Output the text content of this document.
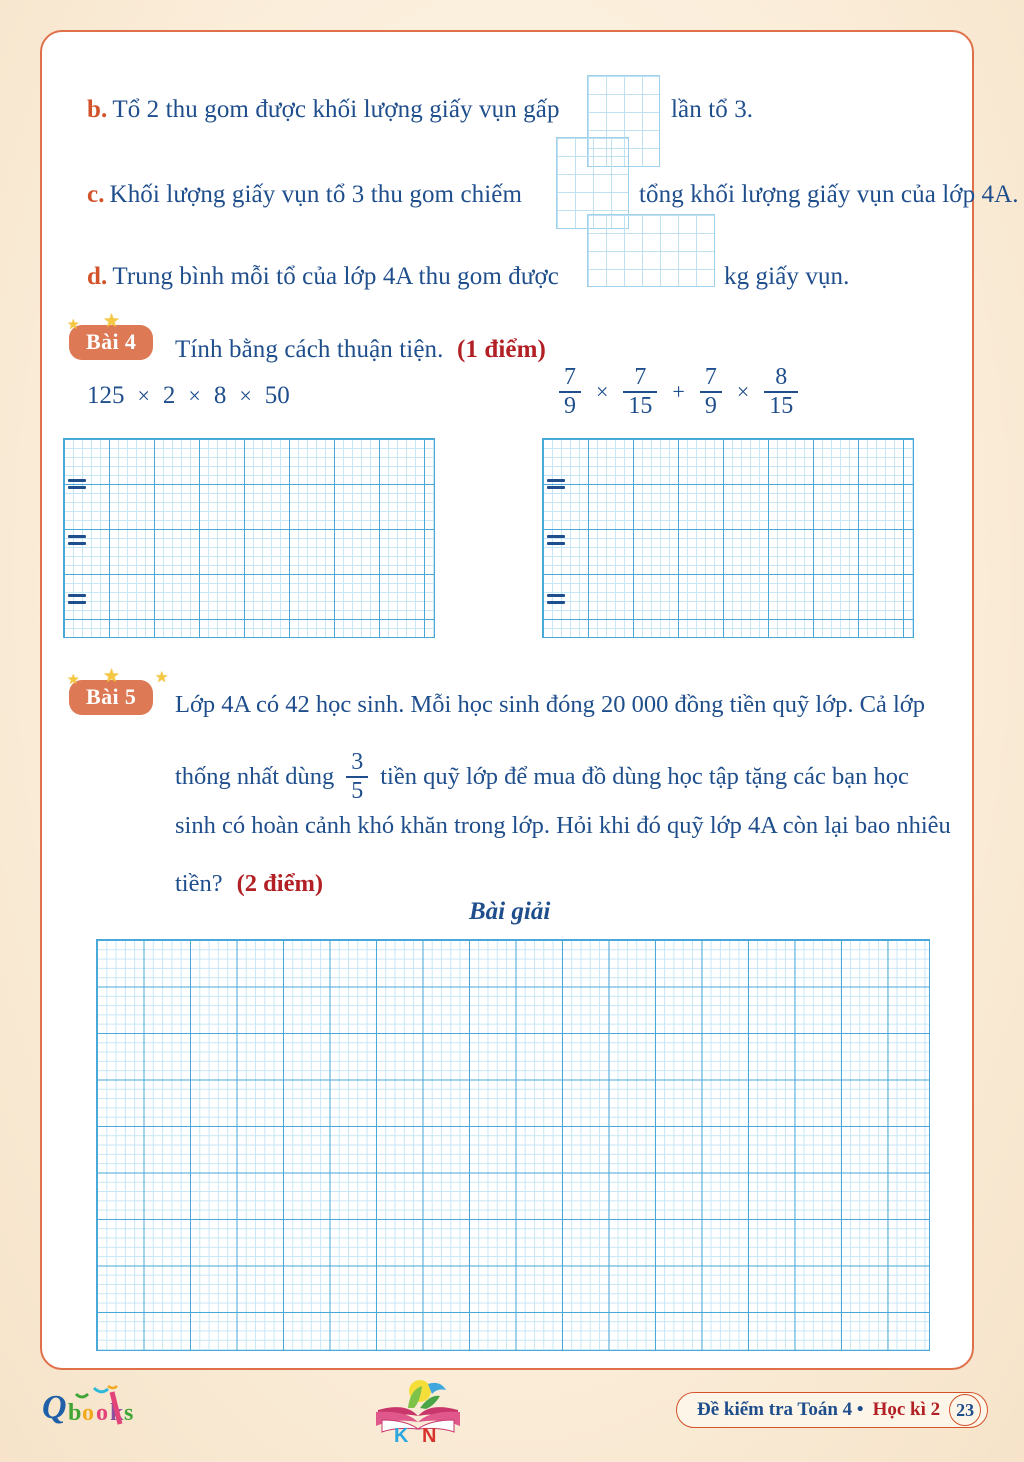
b. Tổ 2 thu gom được khối lượng giấy vụn gấp	lần tổ 3.
c. Khối lượng giấy vụn tổ 3 thu gom chiếm	tổng khối lượng giấy vụn của lớp 4A.
d. Trung bình mỗi tổ của lớp 4A thu gom được	kg giấy vụn.
★ ★
Bài 4	Tính bằng cách thuận tiện. (1 điểm)
125 × 2 × 8 × 50	$\frac{7}{9} \times \frac{7}{15} + \frac{7}{9} \times \frac{8}{15}$
★ ★ ★
Bài 5	Lớp 4A có 42 học sinh. Mỗi học sinh đóng 20 000 đồng tiền quỹ lớp. Cả lớp
thống nhất dùng $\frac{3}{5}$ tiền quỹ lớp để mua đồ dùng học tập tặng các bạn học
sinh có hoàn cảnh khó khăn trong lớp. Hỏi khi đó quỹ lớp 4A còn lại bao nhiêu
tiền? (2 điểm)
Bài giải
Q b o o k s
K N
Đề kiểm tra Toán 4 • Học kì 2 23
